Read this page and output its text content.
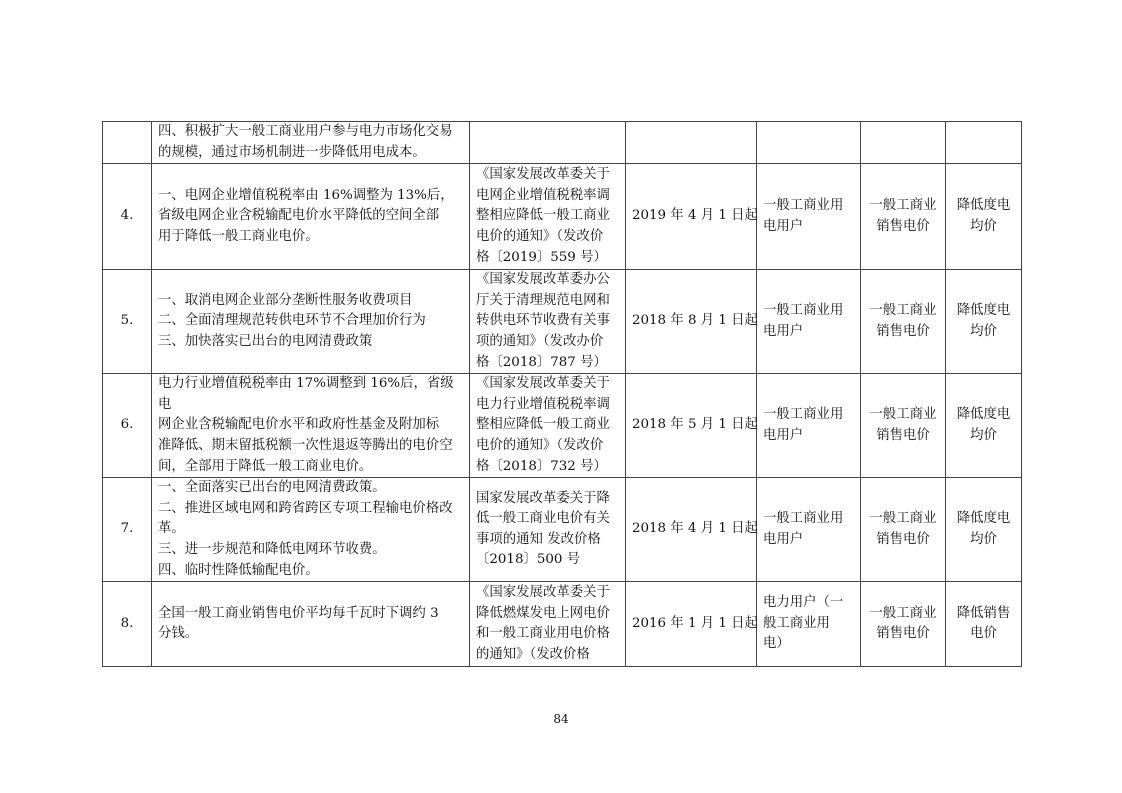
	四、积极扩大一般工商业用户参与电力市场化交易
的规模，通过市场机制进一步降低用电成本。					

4.	一、电网企业增值税税率由 16%调整为 13%后，
省级电网企业含税输配电价水平降低的空间全部
用于降低一般工商业电价。	《国家发展改革委关于
电网企业增值税税率调
整相应降低一般工商业
电价的通知》（发改价
格〔2019〕559 号）	2019 年 4 月 1 日起	一般工商业用
电用户	一般工商业
销售电价	降低度电
均价

5.	一、取消电网企业部分垄断性服务收费项目
二、全面清理规范转供电环节不合理加价行为
三、加快落实已出台的电网清费政策	《国家发展改革委办公
厅关于清理规范电网和
转供电环节收费有关事
项的通知》（发改办价
格〔2018〕787 号）	2018 年 8 月 1 日起	一般工商业用
电用户	一般工商业
销售电价	降低度电
均价

6.	电力行业增值税税率由 17%调整到 16%后，省级电
网企业含税输配电价水平和政府性基金及附加标
准降低、期末留抵税额一次性退返等腾出的电价空
间，全部用于降低一般工商业电价。	《国家发展改革委关于
电力行业增值税税率调
整相应降低一般工商业
电价的通知》（发改价
格〔2018〕732 号）	2018 年 5 月 1 日起	一般工商业用
电用户	一般工商业
销售电价	降低度电
均价

7.	一、全面落实已出台的电网清费政策。
二、推进区域电网和跨省跨区专项工程输电价格改
革。
三、进一步规范和降低电网环节收费。
四、临时性降低输配电价。	国家发展改革委关于降
低一般工商业电价有关
事项的通知 发改价格
〔2018〕500 号	2018 年 4 月 1 日起	一般工商业用
电用户	一般工商业
销售电价	降低度电
均价

8.	全国一般工商业销售电价平均每千瓦时下调约 3
分钱。	《国家发展改革委关于
降低燃煤发电上网电价
和一般工商业用电价格
的通知》（发改价格	2016 年 1 月 1 日起	电力用户（一
般工商业用
电）	一般工商业
销售电价	降低销售
电价
84
